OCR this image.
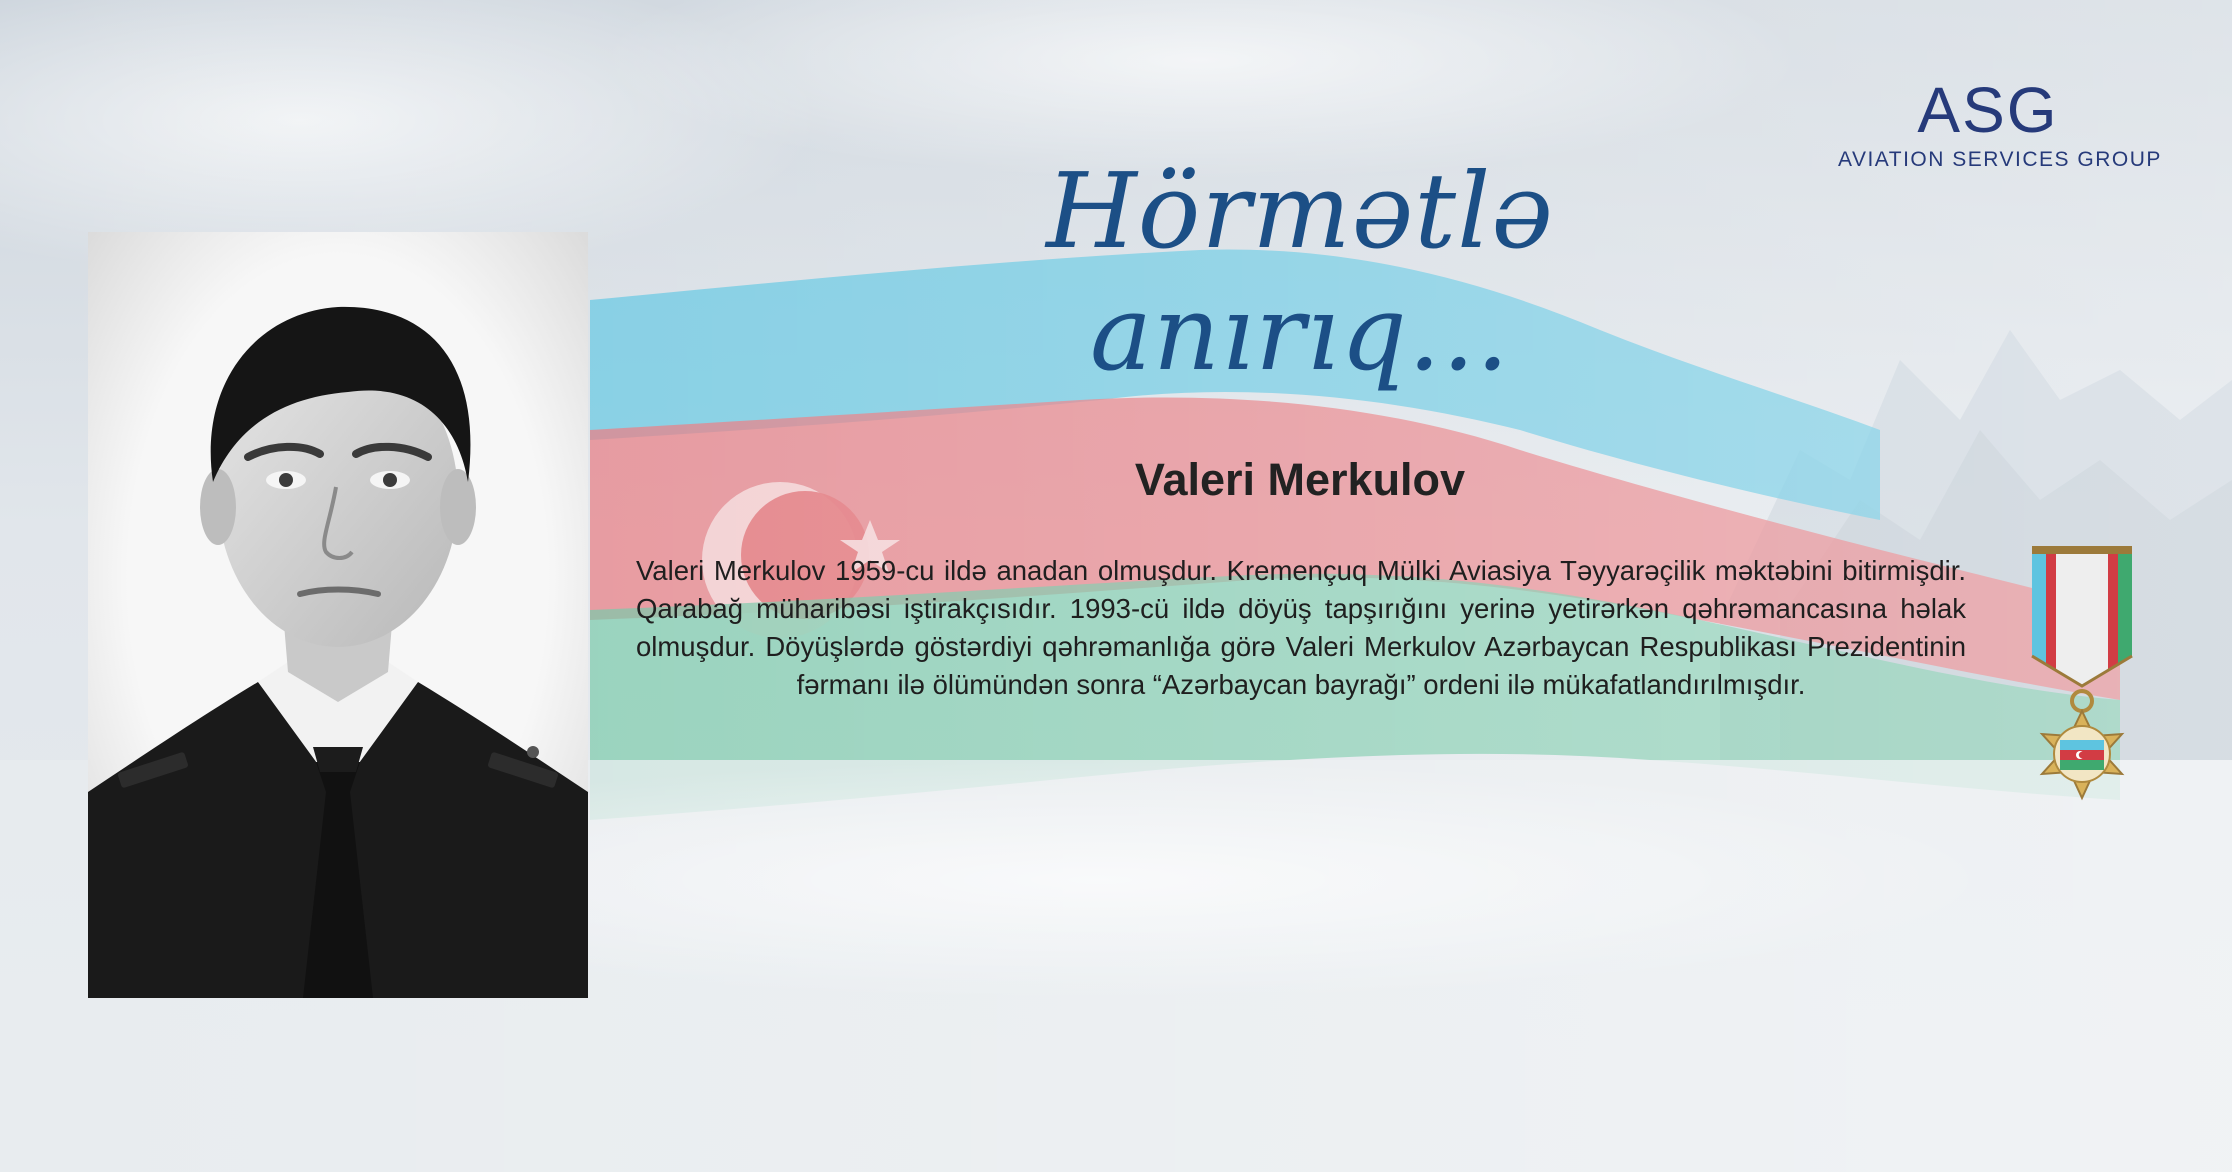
ASG
AVIATION SERVICES GROUP
Hörmətlə anırıq...
Valeri Merkulov
Valeri Merkulov 1959-cu ildə anadan olmuşdur. Kremençuq Mülki Aviasiya Təyyarəçilik məktəbini bitirmişdir. Qarabağ müharibəsi iştirakçısıdır. 1993-cü ildə döyüş tapşırığını yerinə yetirərkən qəhrəmancasına həlak olmuşdur. Döyüşlərdə göstərdiyi qəhrəmanlığa görə Valeri Merkulov Azərbaycan Respublikası Prezidentinin fərmanı ilə ölümündən sonra “Azərbaycan bayrağı” ordeni ilə mükafatlandırılmışdır.
